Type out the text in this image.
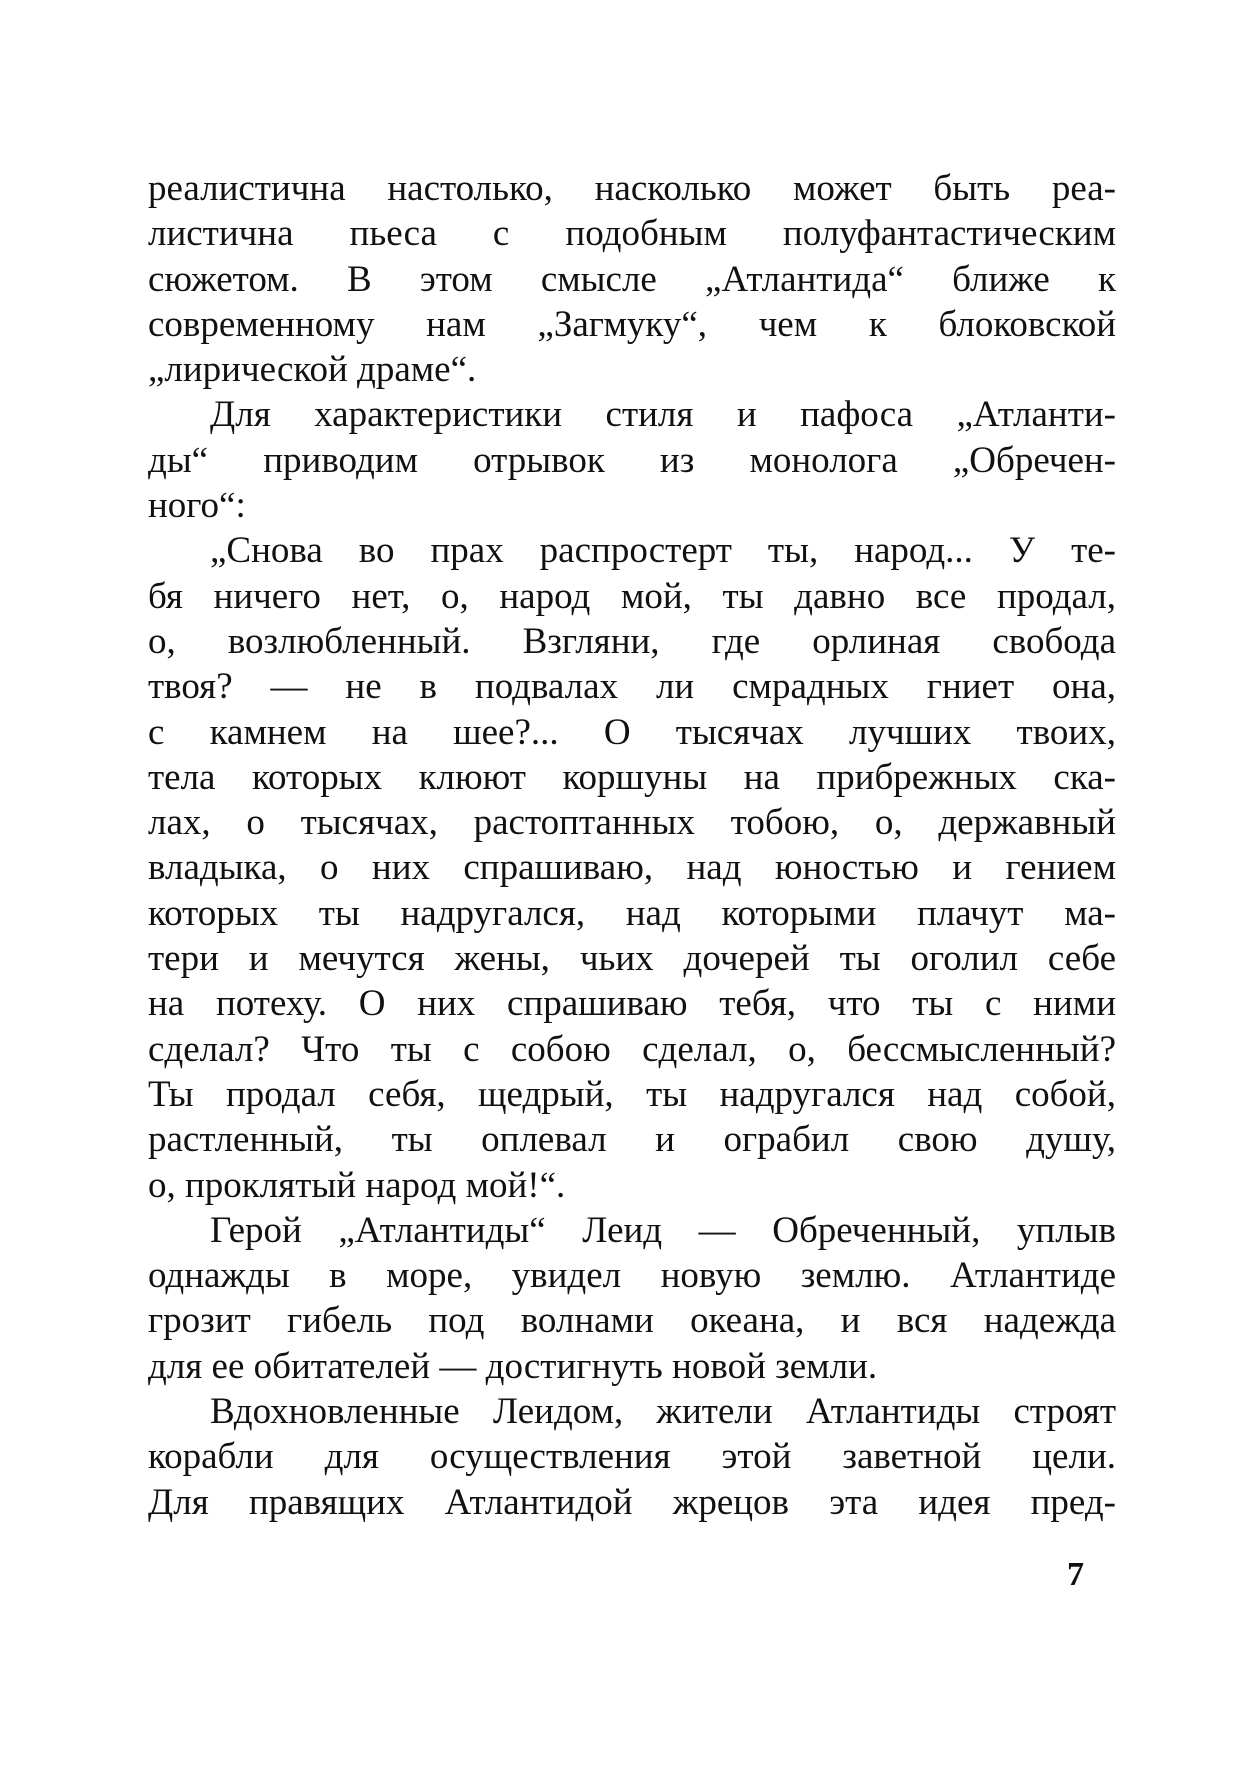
реалистична настолько, насколько может быть реа-
листична пьеса с подобным полуфантастическим
сюжетом. В этом смысле „Атлантида“ ближе к
современному нам „Загмуку“, чем к блоковской
„лирической драме“.
Для характеристики стиля и пафоса „Атланти-
ды“ приводим отрывок из монолога „Обречен-
ного“:
„Снова во прах распростерт ты, народ... У те-
бя ничего нет, о, народ мой, ты давно все продал,
о, возлюбленный. Взгляни, где орлиная свобода
твоя? — не в подвалах ли смрадных гниет она,
с камнем на шее?... О тысячах лучших твоих,
тела которых клюют коршуны на прибрежных ска-
лах, о тысячах, растоптанных тобою, о, державный
владыка, о них спрашиваю, над юностью и гением
которых ты надругался, над которыми плачут ма-
тери и мечутся жены, чьих дочерей ты оголил себе
на потеху. О них спрашиваю тебя, что ты с ними
сделал? Что ты с собою сделал, о, бессмысленный?
Ты продал себя, щедрый, ты надругался над собой,
растленный, ты оплевал и ограбил свою душу,
о, проклятый народ мой!“.
Герой „Атлантиды“ Леид — Обреченный, уплыв
однажды в море, увидел новую землю. Атлантиде
грозит гибель под волнами океана, и вся надежда
для ее обитателей — достигнуть новой земли.
Вдохновленные Леидом, жители Атлантиды строят
корабли для осуществления этой заветной цели.
Для правящих Атлантидой жрецов эта идея пред-
7
